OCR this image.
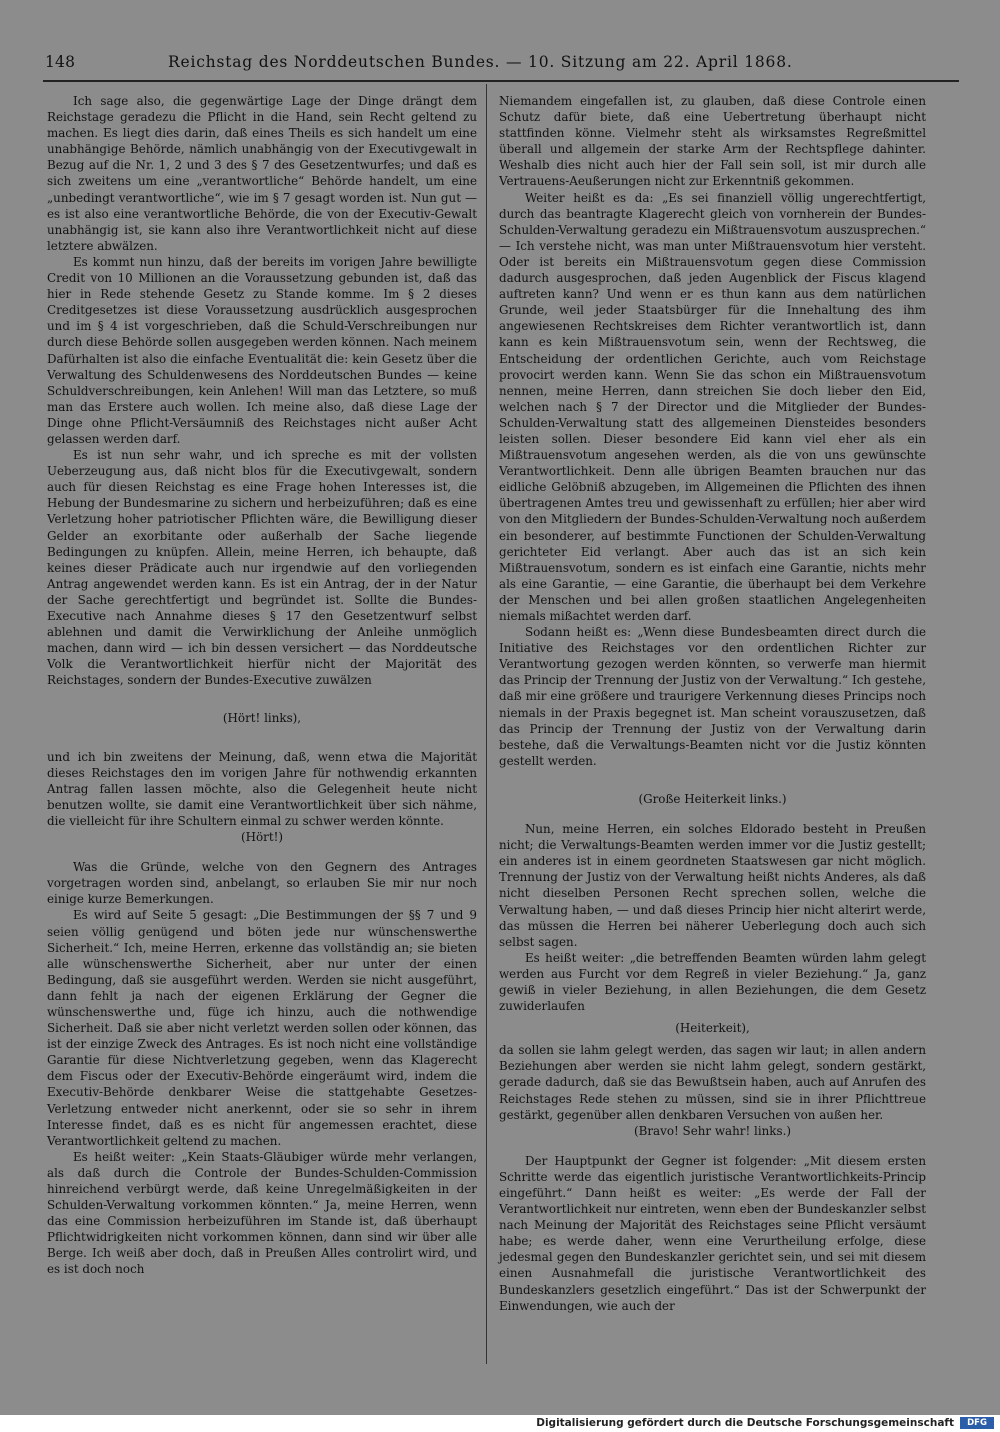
148	Reichstag des Norddeutschen Bundes. — 10. Sitzung am 22. April 1868.

Ich sage also, die gegenwärtige Lage der Dinge drängt dem Reichstage geradezu die Pflicht in die Hand, sein Recht geltend zu machen. Es liegt dies darin, daß eines Theils es sich handelt um eine unabhängige Behörde, nämlich unabhängig von der Executivgewalt in Bezug auf die Nr. 1, 2 und 3 des § 7 des Gesetzentwurfes; und daß es sich zweitens um eine „verantwortliche“ Behörde handelt, um eine „unbedingt verantwortliche“, wie im § 7 gesagt worden ist. Nun gut — es ist also eine verantwortliche Behörde, die von der Executiv-Gewalt unabhängig ist, sie kann also ihre Verantwortlichkeit nicht auf diese letztere abwälzen.

Es kommt nun hinzu, daß der bereits im vorigen Jahre bewilligte Credit von 10 Millionen an die Voraussetzung gebunden ist, daß das hier in Rede stehende Gesetz zu Stande komme. Im § 2 dieses Creditgesetzes ist diese Voraussetzung ausdrücklich ausgesprochen und im § 4 ist vorgeschrieben, daß die Schuld-Verschreibungen nur durch diese Behörde sollen ausgegeben werden können. Nach meinem Dafürhalten ist also die einfache Eventualität die: kein Gesetz über die Verwaltung des Schuldenwesens des Norddeutschen Bundes — keine Schuldverschreibungen, kein Anlehen! Will man das Letztere, so muß man das Erstere auch wollen. Ich meine also, daß diese Lage der Dinge ohne Pflicht-Versäumniß des Reichstages nicht außer Acht gelassen werden darf.

Es ist nun sehr wahr, und ich spreche es mit der vollsten Ueberzeugung aus, daß nicht blos für die Executivgewalt, sondern auch für diesen Reichstag es eine Frage hohen Interesses ist, die Hebung der Bundesmarine zu sichern und herbeizuführen; daß es eine Verletzung hoher patriotischer Pflichten wäre, die Bewilligung dieser Gelder an exorbitante oder außerhalb der Sache liegende Bedingungen zu knüpfen. Allein, meine Herren, ich behaupte, daß keines dieser Prädicate auch nur irgendwie auf den vorliegenden Antrag angewendet werden kann. Es ist ein Antrag, der in der Natur der Sache gerechtfertigt und begründet ist. Sollte die Bundes-Executive nach Annahme dieses § 17 den Gesetzentwurf selbst ablehnen und damit die Verwirklichung der Anleihe unmöglich machen, dann wird — ich bin dessen versichert — das Norddeutsche Volk die Verantwortlichkeit hierfür nicht der Majorität des Reichstages, sondern der Bundes-Executive zuwälzen

(Hört! links),

und ich bin zweitens der Meinung, daß, wenn etwa die Majorität dieses Reichstages den im vorigen Jahre für nothwendig erkannten Antrag fallen lassen möchte, also die Gelegenheit heute nicht benutzen wollte, sie damit eine Verantwortlichkeit über sich nähme, die vielleicht für ihre Schultern einmal zu schwer werden könnte.

(Hört!)

Was die Gründe, welche von den Gegnern des Antrages vorgetragen worden sind, anbelangt, so erlauben Sie mir nur noch einige kurze Bemerkungen.

Es wird auf Seite 5 gesagt: „Die Bestimmungen der §§ 7 und 9 seien völlig genügend und böten jede nur wünschenswerthe Sicherheit.“ Ich, meine Herren, erkenne das vollständig an; sie bieten alle wünschenswerthe Sicherheit, aber nur unter der einen Bedingung, daß sie ausgeführt werden. Werden sie nicht ausgeführt, dann fehlt ja nach der eigenen Erklärung der Gegner die wünschenswerthe und, füge ich hinzu, auch die nothwendige Sicherheit. Daß sie aber nicht verletzt werden sollen oder können, das ist der einzige Zweck des Antrages. Es ist noch nicht eine vollständige Garantie für diese Nichtverletzung gegeben, wenn das Klagerecht dem Fiscus oder der Executiv-Behörde eingeräumt wird, indem die Executiv-Behörde denkbarer Weise die stattgehabte Gesetzes-Verletzung entweder nicht anerkennt, oder sie so sehr in ihrem Interesse findet, daß es es nicht für angemessen erachtet, diese Verantwortlichkeit geltend zu machen.

Es heißt weiter: „Kein Staats-Gläubiger würde mehr verlangen, als daß durch die Controle der Bundes-Schulden-Commission hinreichend verbürgt werde, daß keine Unregelmäßigkeiten in der Schulden-Verwaltung vorkommen könnten.“ Ja, meine Herren, wenn das eine Commission herbeizuführen im Stande ist, daß überhaupt Pflichtwidrigkeiten nicht vorkommen können, dann sind wir über alle Berge. Ich weiß aber doch, daß in Preußen Alles controlirt wird, und es ist doch noch

Niemandem eingefallen ist, zu glauben, daß diese Controle einen Schutz dafür biete, daß eine Uebertretung überhaupt nicht stattfinden könne. Vielmehr steht als wirksamstes Regreßmittel überall und allgemein der starke Arm der Rechtspflege dahinter. Weshalb dies nicht auch hier der Fall sein soll, ist mir durch alle Vertrauens-Aeußerungen nicht zur Erkenntniß gekommen.

Weiter heißt es da: „Es sei finanziell völlig ungerechtfertigt, durch das beantragte Klagerecht gleich von vornherein der Bundes-Schulden-Verwaltung geradezu ein Mißtrauensvotum auszusprechen.“ — Ich verstehe nicht, was man unter Mißtrauensvotum hier versteht. Oder ist bereits ein Mißtrauensvotum gegen diese Commission dadurch ausgesprochen, daß jeden Augenblick der Fiscus klagend auftreten kann? Und wenn er es thun kann aus dem natürlichen Grunde, weil jeder Staatsbürger für die Innehaltung des ihm angewiesenen Rechtskreises dem Richter verantwortlich ist, dann kann es kein Mißtrauensvotum sein, wenn der Rechtsweg, die Entscheidung der ordentlichen Gerichte, auch vom Reichstage provocirt werden kann. Wenn Sie das schon ein Mißtrauensvotum nennen, meine Herren, dann streichen Sie doch lieber den Eid, welchen nach § 7 der Director und die Mitglieder der Bundes-Schulden-Verwaltung statt des allgemeinen Diensteides besonders leisten sollen. Dieser besondere Eid kann viel eher als ein Mißtrauensvotum angesehen werden, als die von uns gewünschte Verantwortlichkeit. Denn alle übrigen Beamten brauchen nur das eidliche Gelöbniß abzugeben, im Allgemeinen die Pflichten des ihnen übertragenen Amtes treu und gewissenhaft zu erfüllen; hier aber wird von den Mitgliedern der Bundes-Schulden-Verwaltung noch außerdem ein besonderer, auf bestimmte Functionen der Schulden-Verwaltung gerichteter Eid verlangt. Aber auch das ist an sich kein Mißtrauensvotum, sondern es ist einfach eine Garantie, nichts mehr als eine Garantie, — eine Garantie, die überhaupt bei dem Verkehre der Menschen und bei allen großen staatlichen Angelegenheiten niemals mißachtet werden darf.

Sodann heißt es: „Wenn diese Bundesbeamten direct durch die Initiative des Reichstages vor den ordentlichen Richter zur Verantwortung gezogen werden könnten, so verwerfe man hiermit das Princip der Trennung der Justiz von der Verwaltung.“ Ich gestehe, daß mir eine größere und traurigere Verkennung dieses Princips noch niemals in der Praxis begegnet ist. Man scheint vorauszusetzen, daß das Princip der Trennung der Justiz von der Verwaltung darin bestehe, daß die Verwaltungs-Beamten nicht vor die Justiz könnten gestellt werden.

(Große Heiterkeit links.)

Nun, meine Herren, ein solches Eldorado besteht in Preußen nicht; die Verwaltungs-Beamten werden immer vor die Justiz gestellt; ein anderes ist in einem geordneten Staatswesen gar nicht möglich. Trennung der Justiz von der Verwaltung heißt nichts Anderes, als daß nicht dieselben Personen Recht sprechen sollen, welche die Verwaltung haben, — und daß dieses Princip hier nicht alterirt werde, das müssen die Herren bei näherer Ueberlegung doch auch sich selbst sagen.

Es heißt weiter: „die betreffenden Beamten würden lahm gelegt werden aus Furcht vor dem Regreß in vieler Beziehung.“ Ja, ganz gewiß in vieler Beziehung, in allen Beziehungen, die dem Gesetz zuwiderlaufen

(Heiterkeit),

da sollen sie lahm gelegt werden, das sagen wir laut; in allen andern Beziehungen aber werden sie nicht lahm gelegt, sondern gestärkt, gerade dadurch, daß sie das Bewußtsein haben, auch auf Anrufen des Reichstages Rede stehen zu müssen, sind sie in ihrer Pflichttreue gestärkt, gegenüber allen denkbaren Versuchen von außen her.

(Bravo! Sehr wahr! links.)

Der Hauptpunkt der Gegner ist folgender: „Mit diesem ersten Schritte werde das eigentlich juristische Verantwortlichkeits-Princip eingeführt.“ Dann heißt es weiter: „Es werde der Fall der Verantwortlichkeit nur eintreten, wenn eben der Bundeskanzler selbst nach Meinung der Majorität des Reichstages seine Pflicht versäumt habe; es werde daher, wenn eine Verurtheilung erfolge, diese jedesmal gegen den Bundeskanzler gerichtet sein, und sei mit diesem einen Ausnahmefall die juristische Verantwortlichkeit des Bundeskanzlers gesetzlich eingeführt.“ Das ist der Schwerpunkt der Einwendungen, wie auch der

Digitalisierung gefördert durch die Deutsche Forschungsgemeinschaft	DFG
